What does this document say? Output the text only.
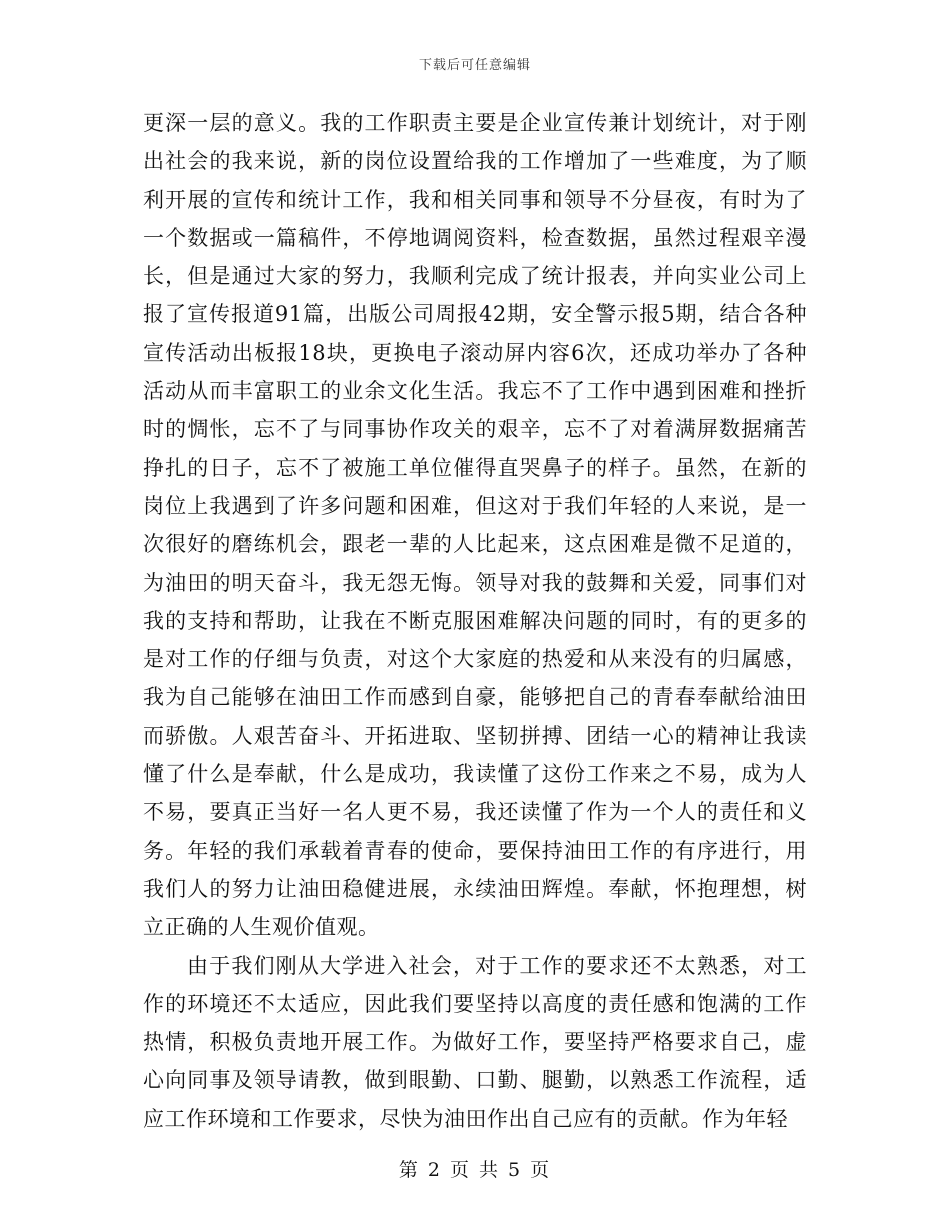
下载后可任意编辑

更深一层的意义。我的工作职责主要是企业宣传兼计划统计，对于刚出社会的我来说，新的岗位设置给我的工作增加了一些难度，为了顺利开展的宣传和统计工作，我和相关同事和领导不分昼夜，有时为了一个数据或一篇稿件，不停地调阅资料，检查数据，虽然过程艰辛漫长，但是通过大家的努力，我顺利完成了统计报表，并向实业公司上报了宣传报道91篇，出版公司周报42期，安全警示报5期，结合各种宣传活动出板报18块，更换电子滚动屏内容6次，还成功举办了各种活动从而丰富职工的业余文化生活。我忘不了工作中遇到困难和挫折时的惆怅，忘不了与同事协作攻关的艰辛，忘不了对着满屏数据痛苦挣扎的日子，忘不了被施工单位催得直哭鼻子的样子。虽然，在新的岗位上我遇到了许多问题和困难，但这对于我们年轻的人来说，是一次很好的磨练机会，跟老一辈的人比起来，这点困难是微不足道的，为油田的明天奋斗，我无怨无悔。领导对我的鼓舞和关爱，同事们对我的支持和帮助，让我在不断克服困难解决问题的同时，有的更多的是对工作的仔细与负责，对这个大家庭的热爱和从来没有的归属感，我为自己能够在油田工作而感到自豪，能够把自己的青春奉献给油田而骄傲。人艰苦奋斗、开拓进取、坚韧拼搏、团结一心的精神让我读懂了什么是奉献，什么是成功，我读懂了这份工作来之不易，成为人不易，要真正当好一名人更不易，我还读懂了作为一个人的责任和义务。年轻的我们承载着青春的使命，要保持油田工作的有序进行，用我们人的努力让油田稳健进展，永续油田辉煌。奉献，怀抱理想，树立正确的人生观价值观。

由于我们刚从大学进入社会，对于工作的要求还不太熟悉，对工作的环境还不太适应，因此我们要坚持以高度的责任感和饱满的工作热情，积极负责地开展工作。为做好工作，要坚持严格要求自己，虚心向同事及领导请教，做到眼勤、口勤、腿勤，以熟悉工作流程，适应工作环境和工作要求，尽快为油田作出自己应有的贡献。作为年轻

第 2 页 共 5 页
